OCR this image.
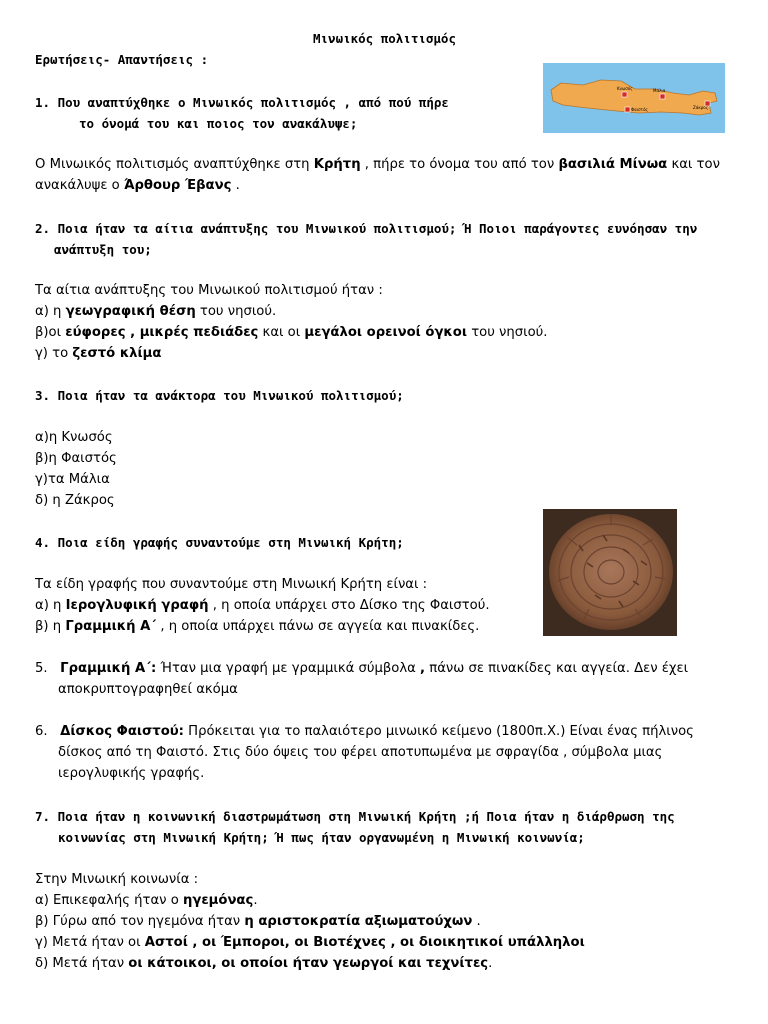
Μινωικός πολιτισμός
Ερωτήσεις- Απαντήσεις :
Κνωσός	Μάλια
Φαιστός	Ζάκρος
1. Που αναπτύχθηκε ο Μινωικός πολιτισμός , από πού πήρε
το όνομά του και ποιος τον ανακάλυψε;
Ο Μινωικός πολιτισμός αναπτύχθηκε στη Κρήτη , πήρε το όνομα του από τον βασιλιά Μίνωα και τον
ανακάλυψε ο Άρθουρ Έβανς .
2. Ποια ήταν τα αίτια ανάπτυξης του Μινωικού πολιτισμού; Ή Ποιοι παράγοντες ευνόησαν την
ανάπτυξη του;
Τα αίτια ανάπτυξης του Μινωικού πολιτισμού ήταν :
α) η γεωγραφική θέση του νησιού.
β)οι εύφορες , μικρές πεδιάδες και οι μεγάλοι ορεινοί όγκοι του νησιού.
γ) το ζεστό κλίμα
3. Ποια ήταν τα ανάκτορα του Μινωικού πολιτισμού;
α)η Κνωσός
β)η Φαιστός
γ)τα Μάλια
δ) η Ζάκρος
4. Ποια είδη γραφής συναντούμε στη Μινωική Κρήτη;
Τα είδη γραφής που συναντούμε στη Μινωική Κρήτη είναι :
α) η Ιερογλυφική γραφή , η οποία υπάρχει στο Δίσκο της Φαιστού.
β) η Γραμμική Α΄ , η οποία υπάρχει πάνω σε αγγεία και πινακίδες.
5. Γραμμική Α΄: Ήταν μια γραφή με γραμμικά σύμβολα , πάνω σε πινακίδες και αγγεία. Δεν έχει
αποκρυπτογραφηθεί ακόμα
6. Δίσκος Φαιστού: Πρόκειται για το παλαιότερο μινωικό κείμενο (1800π.Χ.) Είναι ένας πήλινος
δίσκος από τη Φαιστό. Στις δύο όψεις του φέρει αποτυπωμένα με σφραγίδα , σύμβολα μιας
ιερογλυφικής γραφής.
7. Ποια ήταν η κοινωνική διαστρωμάτωση στη Μινωική Κρήτη ;ή Ποια ήταν η διάρθρωση της
κοινωνίας στη Μινωική Κρήτη; Ή πως ήταν οργανωμένη η Μινωική κοινωνία;
Στην Μινωική κοινωνία :
α) Επικεφαλής ήταν ο ηγεμόνας.
β) Γύρω από τον ηγεμόνα ήταν η αριστοκρατία αξιωματούχων .
γ) Μετά ήταν οι Αστοί , οι Έμποροι, οι Βιοτέχνες , οι διοικητικοί υπάλληλοι
δ) Μετά ήταν οι κάτοικοι, οι οποίοι ήταν γεωργοί και τεχνίτες.
